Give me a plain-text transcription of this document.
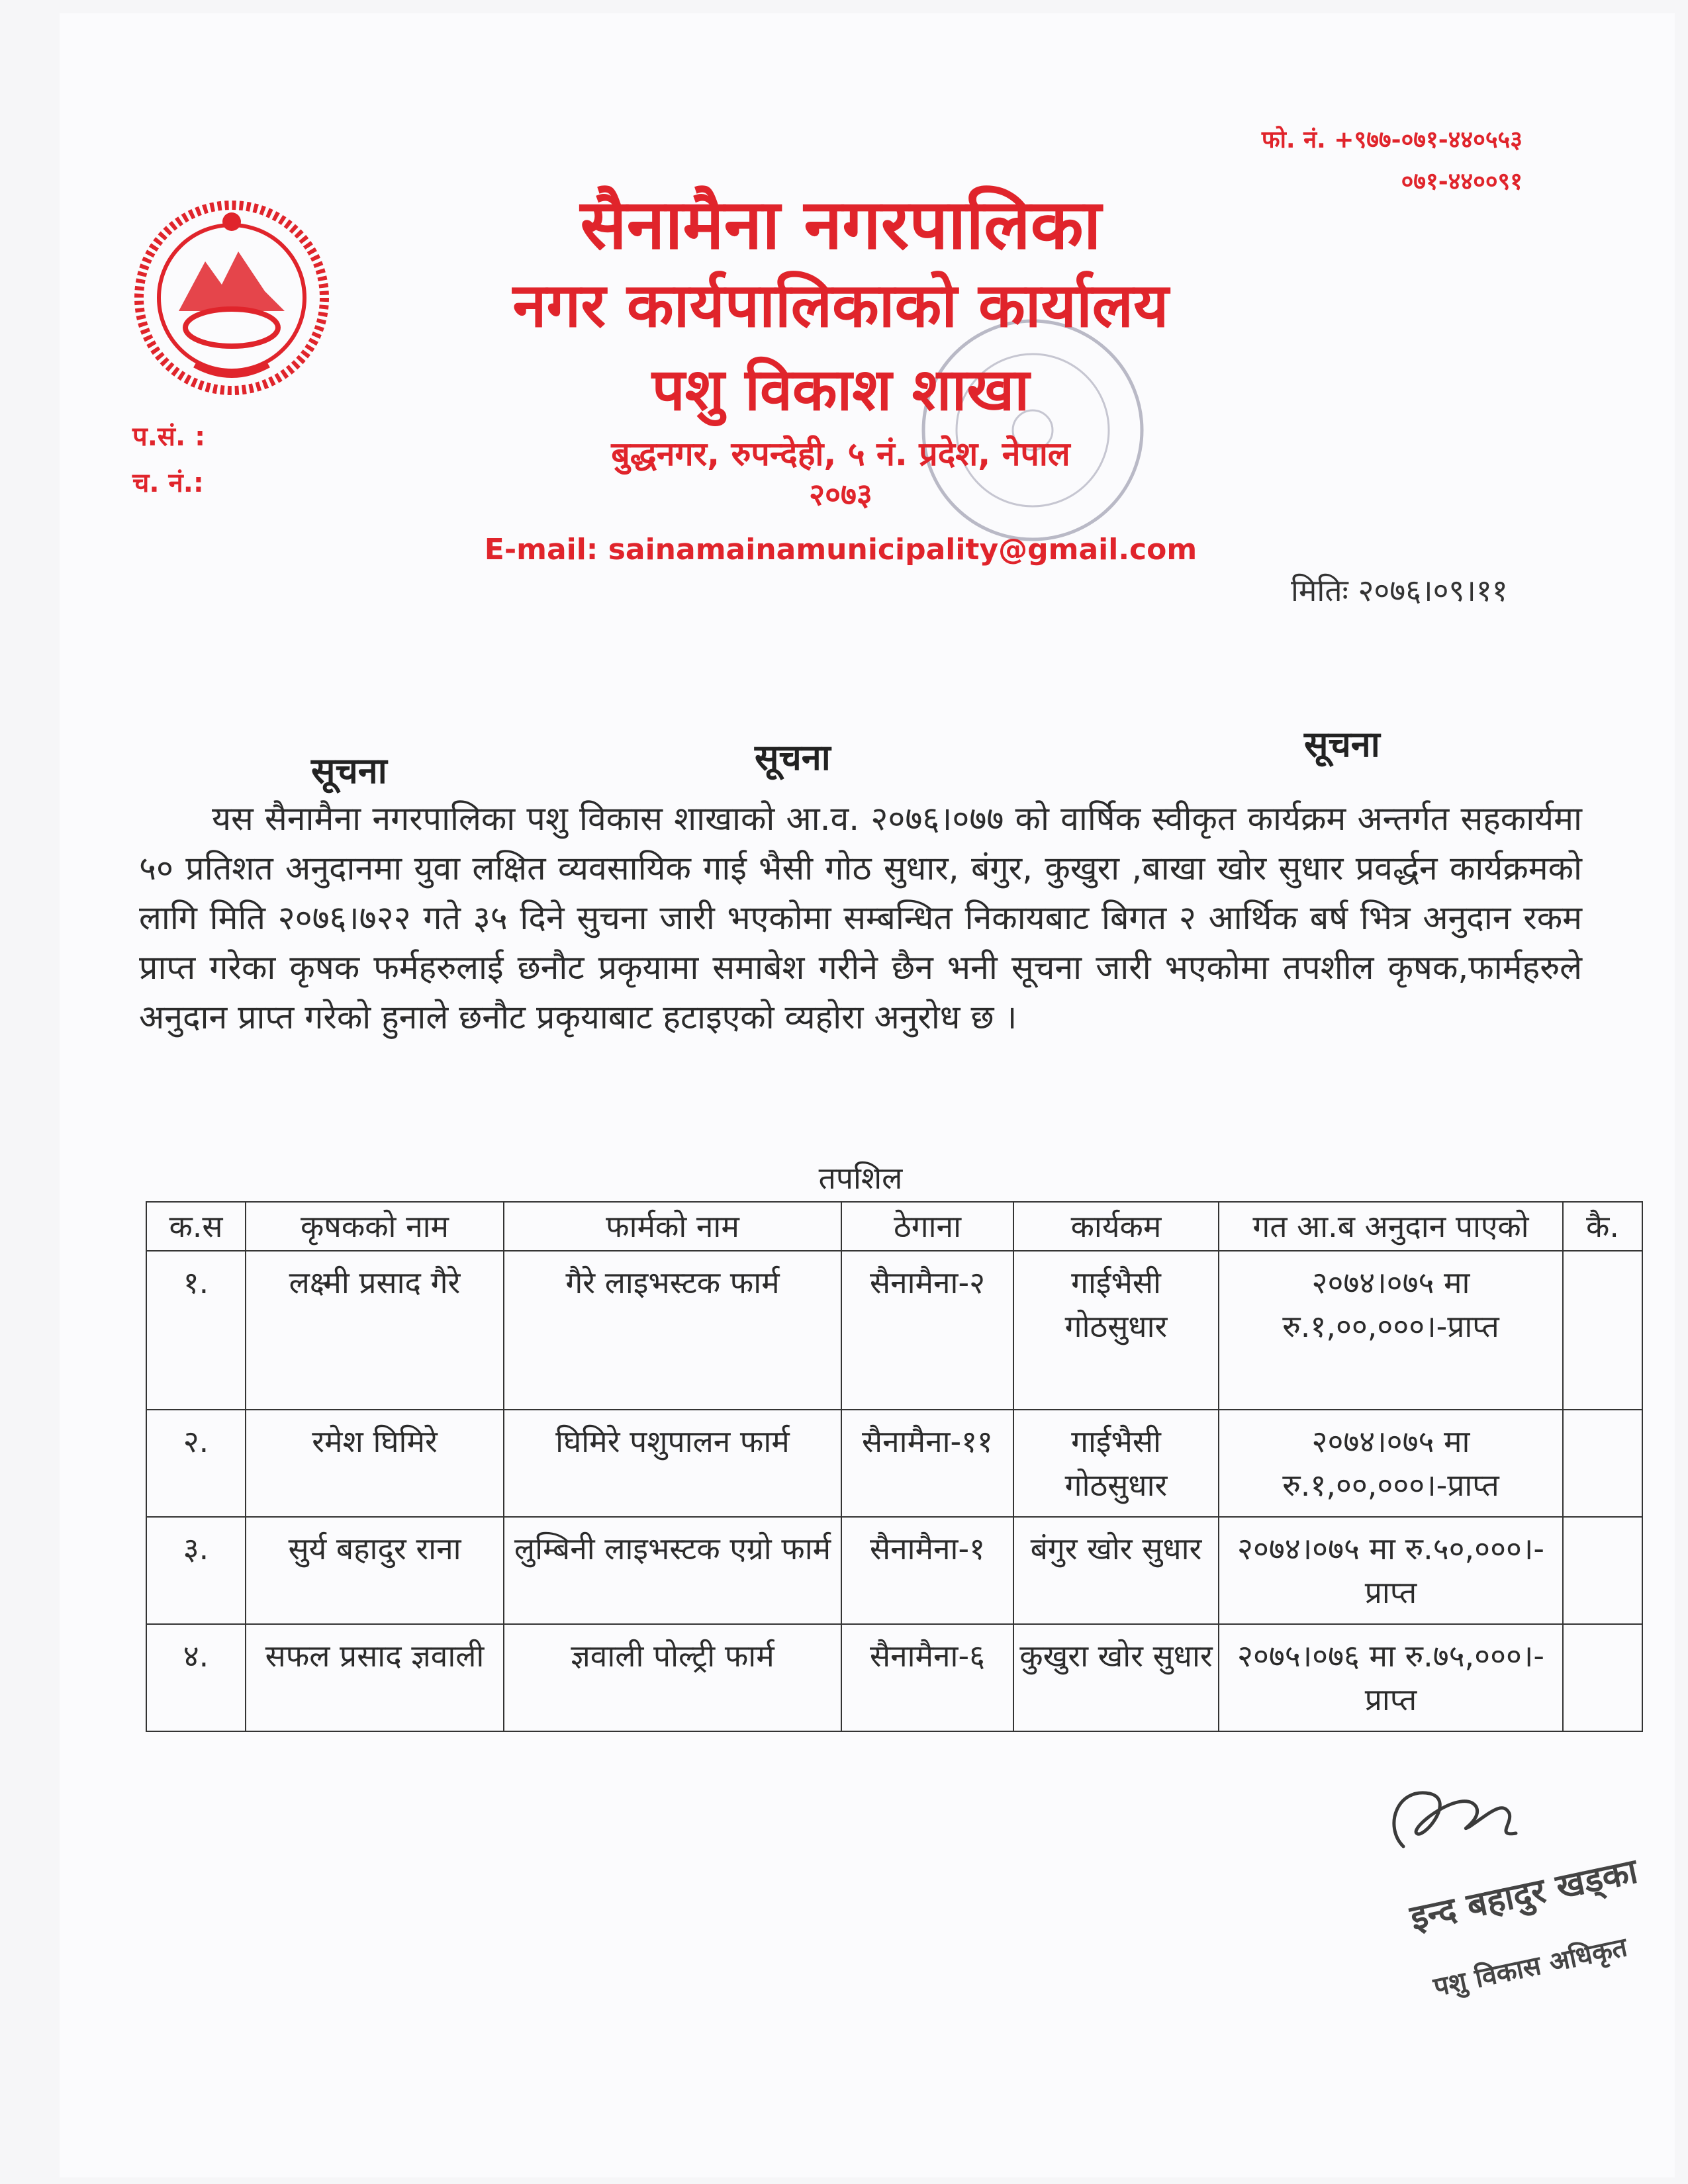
फो. नं. +९७७-०७१-४४०५५३
०७१-४४००९१
सैनामैना नगरपालिका
नगर कार्यपालिकाको कार्यालय
पशु विकाश शाखा
बुद्धनगर, रुपन्देही, ५ नं. प्रदेश, नेपाल
२०७३
E-mail: sainamainamunicipality@gmail.com
प.सं. :
च. नं.:
मितिः २०७६।०९।११
सूचना	सूचना	सूचना
यस सैनामैना नगरपालिका पशु विकास शाखाको आ.व. २०७६।०७७ को वार्षिक स्वीकृत कार्यक्रम अन्तर्गत सहकार्यमा ५० प्रतिशत अनुदानमा युवा लक्षित व्यवसायिक गाई भैसी गोठ सुधार, बंगुर, कुखुरा ,बाखा खोर सुधार प्रवर्द्धन कार्यक्रमको लागि मिति २०७६।७२२ गते ३५ दिने सुचना जारी भएकोमा सम्बन्धित निकायबाट बिगत २ आर्थिक बर्ष भित्र अनुदान रकम प्राप्त गरेका कृषक फर्महरुलाई छनौट प्रकृयामा समाबेश गरीने छैन भनी सूचना जारी भएकोमा तपशील कृषक,फार्महरुले अनुदान प्राप्त गरेको हुनाले छनौट प्रकृयाबाट हटाइएको व्यहोरा अनुरोध छ ।
तपशिल
क.स	कृषकको नाम	फार्मको नाम	ठेगाना	कार्यकम	गत आ.ब अनुदान पाएको	कै.
१.	लक्ष्मी प्रसाद गैरे	गैरे लाइभस्टक फार्म	सैनामैना-२	गाईभैसी गोठसुधार	२०७४।०७५ मा रु.१,००,०००।-प्राप्त	
२.	रमेश घिमिरे	घिमिरे पशुपालन फार्म	सैनामैना-११	गाईभैसी गोठसुधार	२०७४।०७५ मा रु.१,००,०००।-प्राप्त	
३.	सुर्य बहादुर राना	लुम्बिनी लाइभस्टक एग्रो फार्म	सैनामैना-१	बंगुर खोर सुधार	२०७४।०७५ मा रु.५०,०००।-प्राप्त	
४.	सफल प्रसाद ज्ञवाली	ज्ञवाली पोल्ट्री फार्म	सैनामैना-६	कुखुरा खोर सुधार	२०७५।०७६ मा रु.७५,०००।-प्राप्त	
इन्द बहादुर खड्का
पशु विकास अधिकृत
